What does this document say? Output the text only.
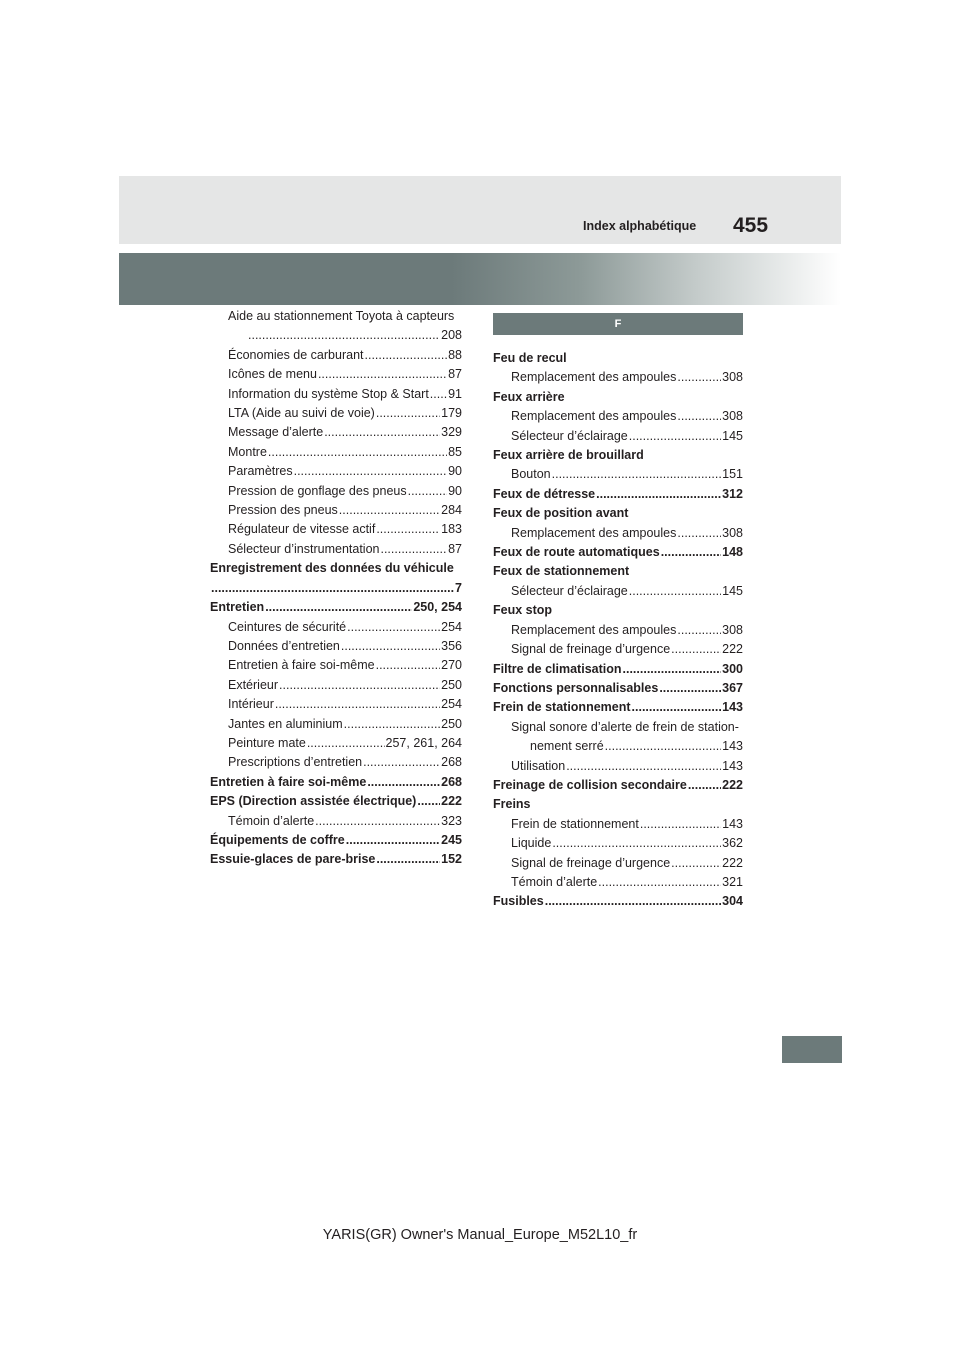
Index alphabétique 455
Aide au stationnement Toyota à capteurs
.....
208
Économies de carburant .....	88
Icônes de menu .....	87
Information du système Stop & Start ..... 91
LTA (Aide au suivi de voie) .....	179
Message d’alerte .....	329
Montre .....	85
Paramètres .....	90
Pression de gonflage des pneus .....	90
Pression des pneus .....	284
Régulateur de vitesse actif .....	183
Sélecteur d’instrumentation .....	87
Enregistrement des données du véhicule
.....
7
Entretien .....	250, 254
Ceintures de sécurité .....	254
Données d’entretien .....	356
Entretien à faire soi-même .....	270
Extérieur .....	250
Intérieur .....	254
Jantes en aluminium .....	250
Peinture mate .....	257, 261, 264
Prescriptions d’entretien .....	268
Entretien à faire soi-même .....	268
EPS (Direction assistée électrique) ..... 222
Témoin d’alerte .....	323
Équipements de coffre .....	245
Essuie-glaces de pare-brise .....	152
F
Feu de recul
Remplacement des ampoules .....	308
Feux arrière
Remplacement des ampoules .....	308
Sélecteur d’éclairage .....	145
Feux arrière de brouillard
Bouton .....	151
Feux de détresse .....	312
Feux de position avant
Remplacement des ampoules .....	308
Feux de route automatiques .....	148
Feux de stationnement
Sélecteur d’éclairage .....	145
Feux stop
Remplacement des ampoules .....	308
Signal de freinage d’urgence .....	222
Filtre de climatisation .....	300
Fonctions personnalisables .....	367
Frein de stationnement .....	143
Signal sonore d’alerte de frein de station-
nement serré .....	143
Utilisation .....	143
Freinage de collision secondaire .....	222
Freins
Frein de stationnement .....	143
Liquide .....	362
Signal de freinage d’urgence .....	222
Témoin d’alerte .....	321
Fusibles .....	304
YARIS(GR) Owner's Manual_Europe_M52L10_fr
